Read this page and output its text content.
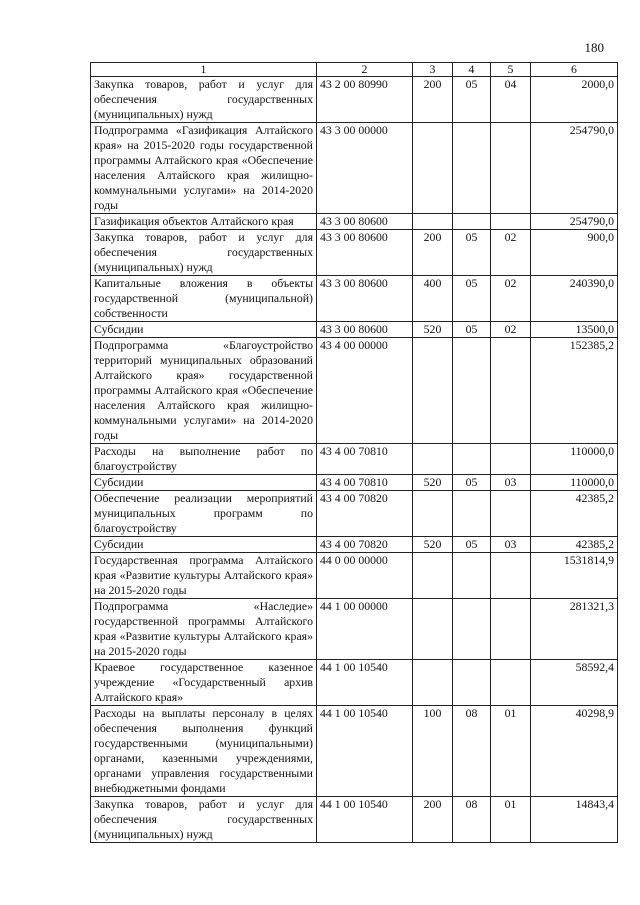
180
1	2	3	4	5	6
Закупка товаров, работ и услуг для обеспечения государственных (муниципальных) нужд	43 2 00 80990	200	05	04	2000,0
Подпрограмма «Газификация Алтайского края» на 2015-2020 годы государственной программы Алтайского края «Обеспечение населения Алтайского края жилищно-коммунальными услугами» на 2014-2020 годы	43 3 00 00000				254790,0
Газификация объектов Алтайского края	43 3 00 80600				254790,0
Закупка товаров, работ и услуг для обеспечения государственных (муниципальных) нужд	43 3 00 80600	200	05	02	900,0
Капитальные вложения в объекты государственной (муниципальной) собственности	43 3 00 80600	400	05	02	240390,0
Субсидии	43 3 00 80600	520	05	02	13500,0
Подпрограмма «Благоустройство территорий муниципальных образований Алтайского края» государственной программы Алтайского края «Обеспечение населения Алтайского края жилищно-коммунальными услугами» на 2014-2020 годы	43 4 00 00000				152385,2
Расходы на выполнение работ по благоустройству	43 4 00 70810				110000,0
Субсидии	43 4 00 70810	520	05	03	110000,0
Обеспечение реализации мероприятий муниципальных программ по благоустройству	43 4 00 70820				42385,2
Субсидии	43 4 00 70820	520	05	03	42385,2
Государственная программа Алтайского края «Развитие культуры Алтайского края» на 2015-2020 годы	44 0 00 00000				1531814,9
Подпрограмма «Наследие» государственной программы Алтайского края «Развитие культуры Алтайского края» на 2015-2020 годы	44 1 00 00000				281321,3
Краевое государственное казенное учреждение «Государственный архив Алтайского края»	44 1 00 10540				58592,4
Расходы на выплаты персоналу в целях обеспечения выполнения функций государственными (муниципальными) органами, казенными учреждениями, органами управления государственными внебюджетными фондами	44 1 00 10540	100	08	01	40298,9
Закупка товаров, работ и услуг для обеспечения государственных (муниципальных) нужд	44 1 00 10540	200	08	01	14843,4
